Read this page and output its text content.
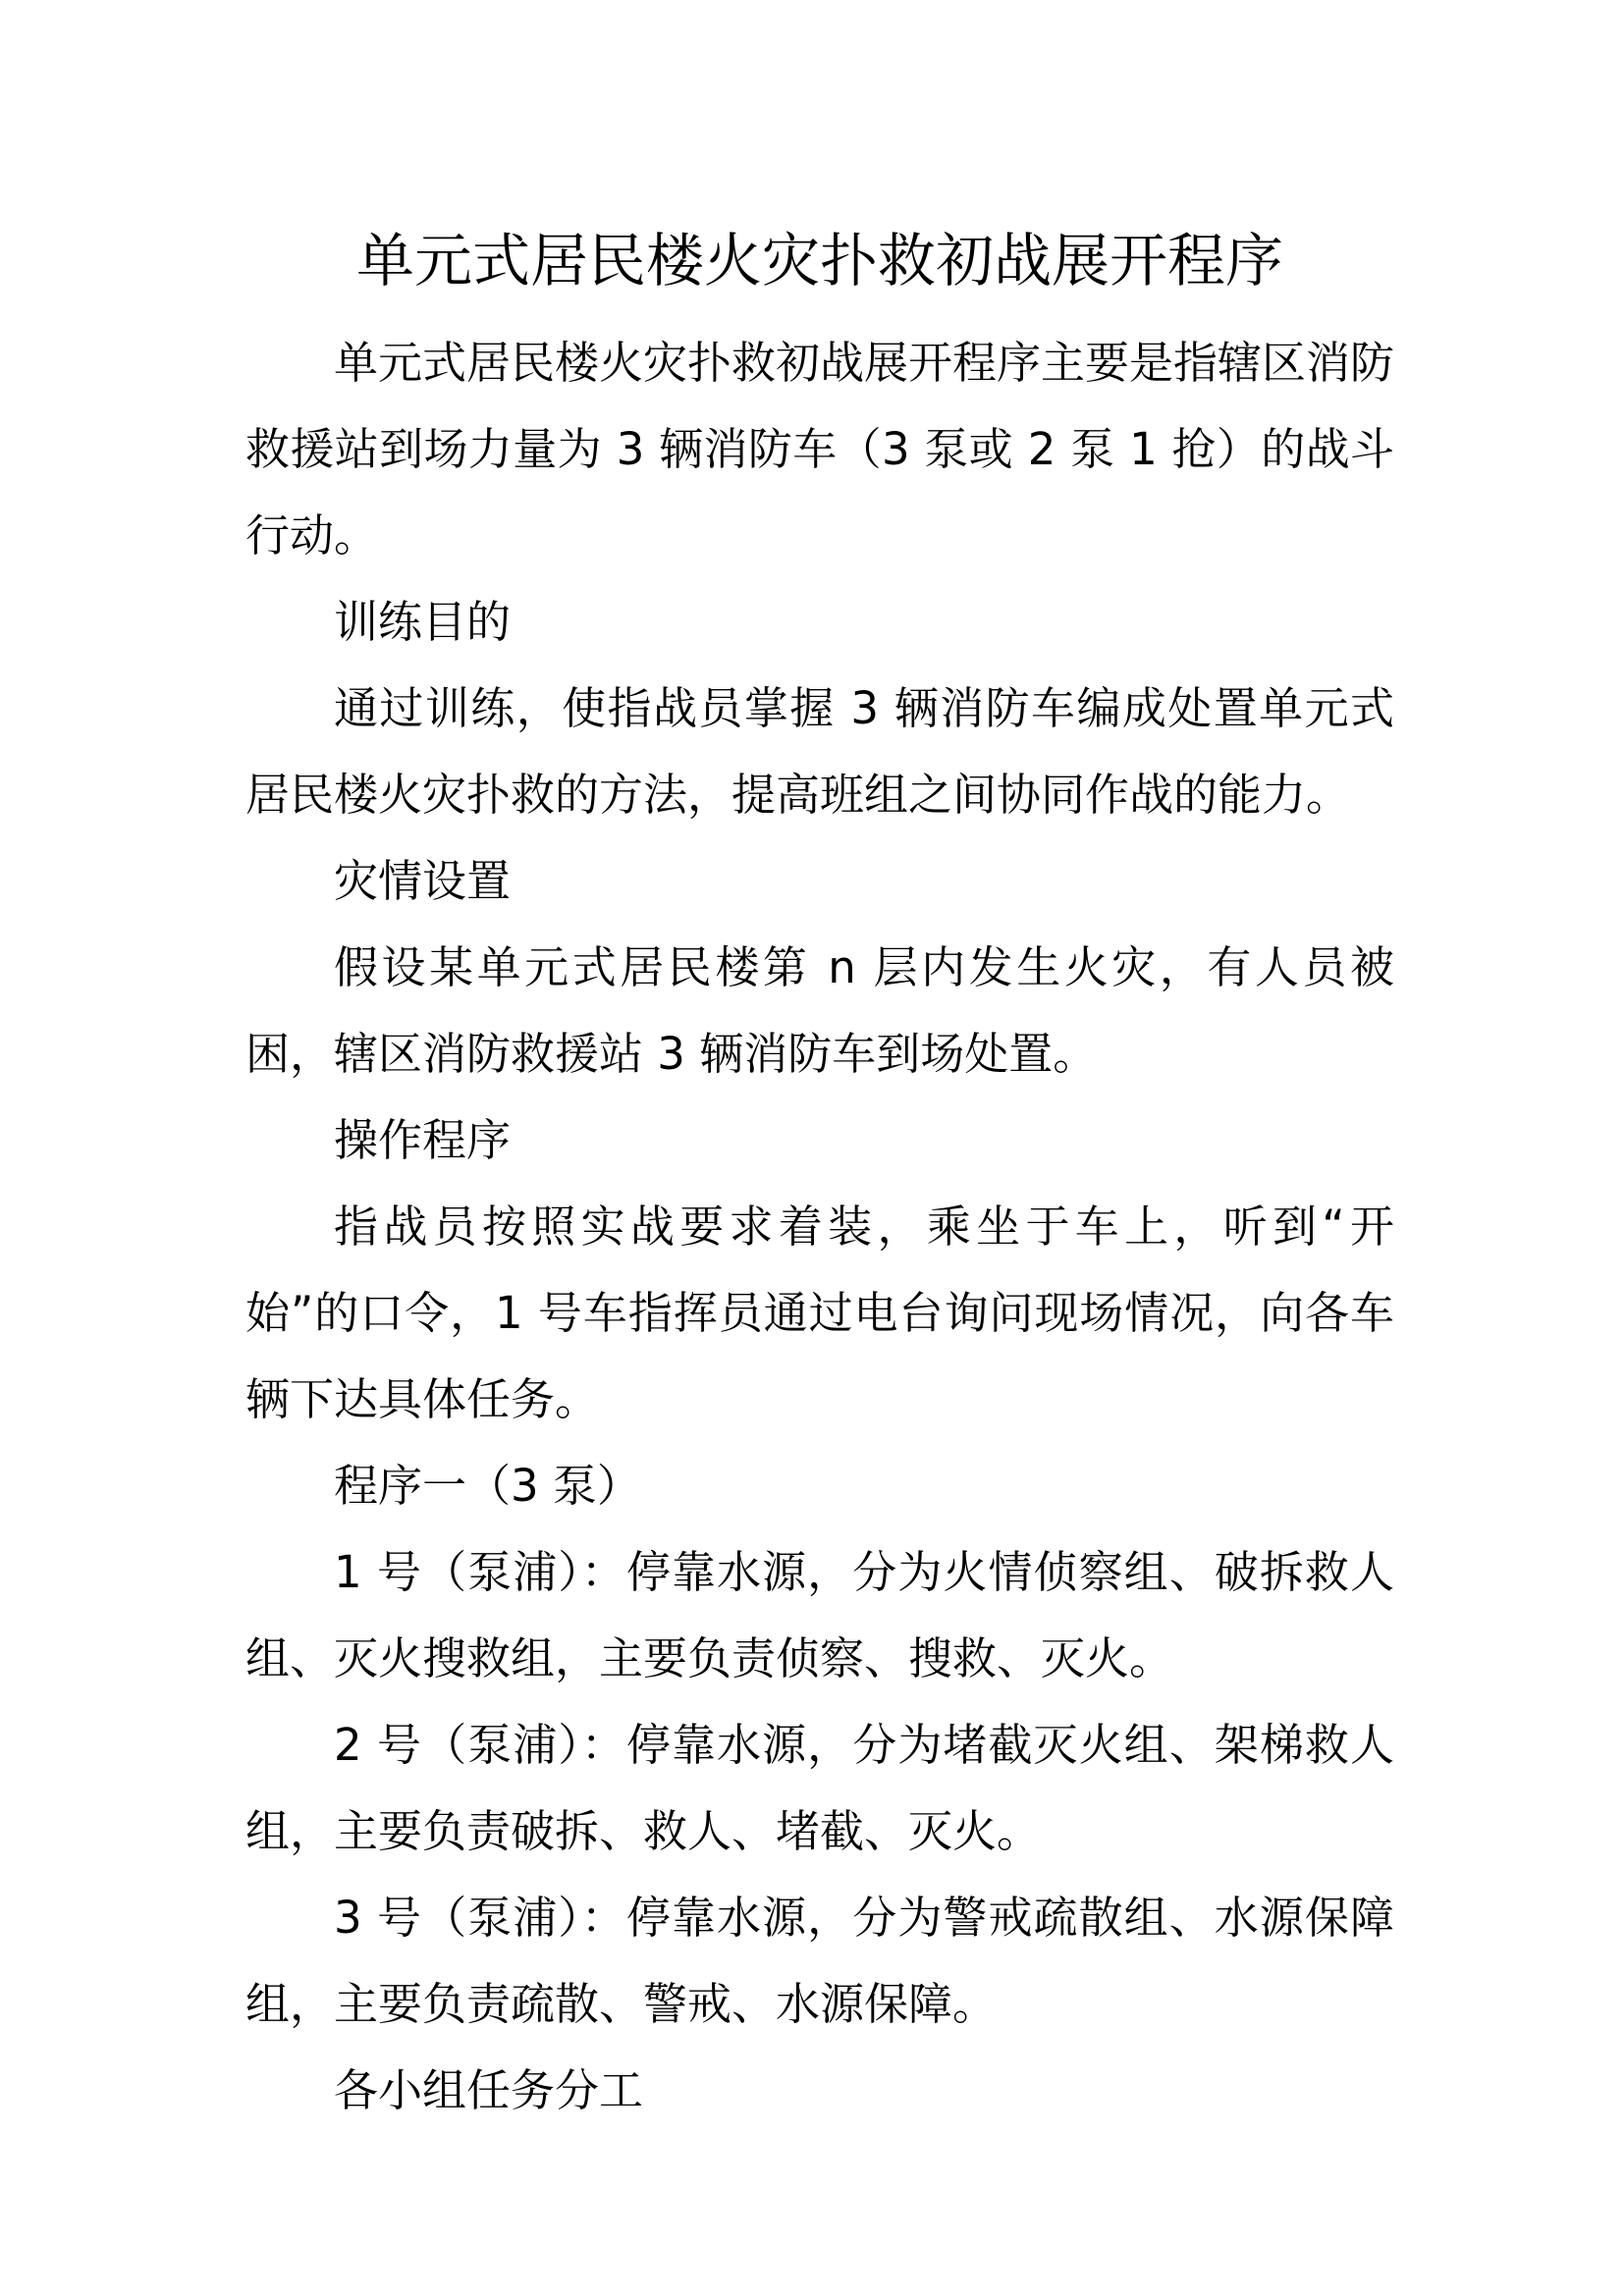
单元式居民楼火灾扑救初战展开程序

单元式居民楼火灾扑救初战展开程序主要是指辖区消防救援站到场力量为 3 辆消防车（3 泵或 2 泵 1 抢）的战斗行动。

训练目的

通过训练，使指战员掌握 3 辆消防车编成处置单元式居民楼火灾扑救的方法，提高班组之间协同作战的能力。

灾情设置

假设某单元式居民楼第 n 层内发生火灾，有人员被困，辖区消防救援站 3 辆消防车到场处置。

操作程序

指战员按照实战要求着装，乘坐于车上，听到“开始”的口令，1 号车指挥员通过电台询问现场情况，向各车辆下达具体任务。

程序一（3 泵）

1 号（泵浦）：停靠水源，分为火情侦察组、破拆救人组、灭火搜救组，主要负责侦察、搜救、灭火。

2 号（泵浦）：停靠水源，分为堵截灭火组、架梯救人组，主要负责破拆、救人、堵截、灭火。

3 号（泵浦）：停靠水源，分为警戒疏散组、水源保障组，主要负责疏散、警戒、水源保障。

各小组任务分工
